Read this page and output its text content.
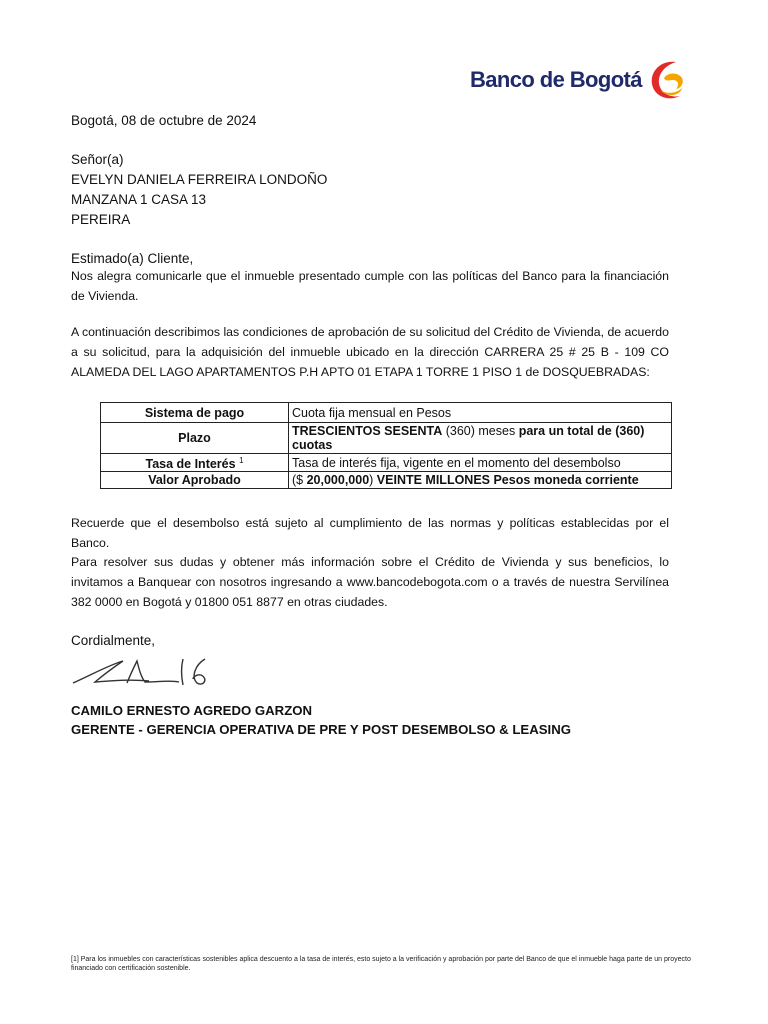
Banco de Bogotá
Bogotá, 08 de octubre de 2024
Señor(a)
EVELYN DANIELA FERREIRA LONDOÑO
MANZANA 1 CASA 13
PEREIRA
Estimado(a) Cliente,
Nos alegra comunicarle que el inmueble presentado cumple con las políticas del Banco para la financiación de Vivienda.
A continuación describimos las condiciones de aprobación de su solicitud del Crédito de Vivienda, de acuerdo a su solicitud, para la adquisición del inmueble ubicado en la dirección CARRERA 25 # 25 B - 109 CO ALAMEDA DEL LAGO APARTAMENTOS P.H APTO 01 ETAPA 1 TORRE 1 PISO 1 de DOSQUEBRADAS:
Sistema de pago	Cuota fija mensual en Pesos
Plazo	TRESCIENTOS SESENTA (360) meses para un total de (360) cuotas
Tasa de Interés $^1$	Tasa de interés fija, vigente en el momento del desembolso
Valor Aprobado	($ 20,000,000) VEINTE MILLONES Pesos moneda corriente
Recuerde que el desembolso está sujeto al cumplimiento de las normas y políticas establecidas por el Banco.
Para resolver sus dudas y obtener más información sobre el Crédito de Vivienda y sus beneficios, lo invitamos a Banquear con nosotros ingresando a www.bancodebogota.com o a través de nuestra Servilínea 382 0000 en Bogotá y 01800 051 8877 en otras ciudades.
Cordialmente,
CAMILO ERNESTO AGREDO GARZON
GERENTE - GERENCIA OPERATIVA DE PRE Y POST DESEMBOLSO & LEASING
[1] Para los inmuebles con características sostenibles aplica descuento a la tasa de interés, esto sujeto a la verificación y aprobación por parte del Banco de que el inmueble haga parte de un proyecto financiado con certificación sostenible.
